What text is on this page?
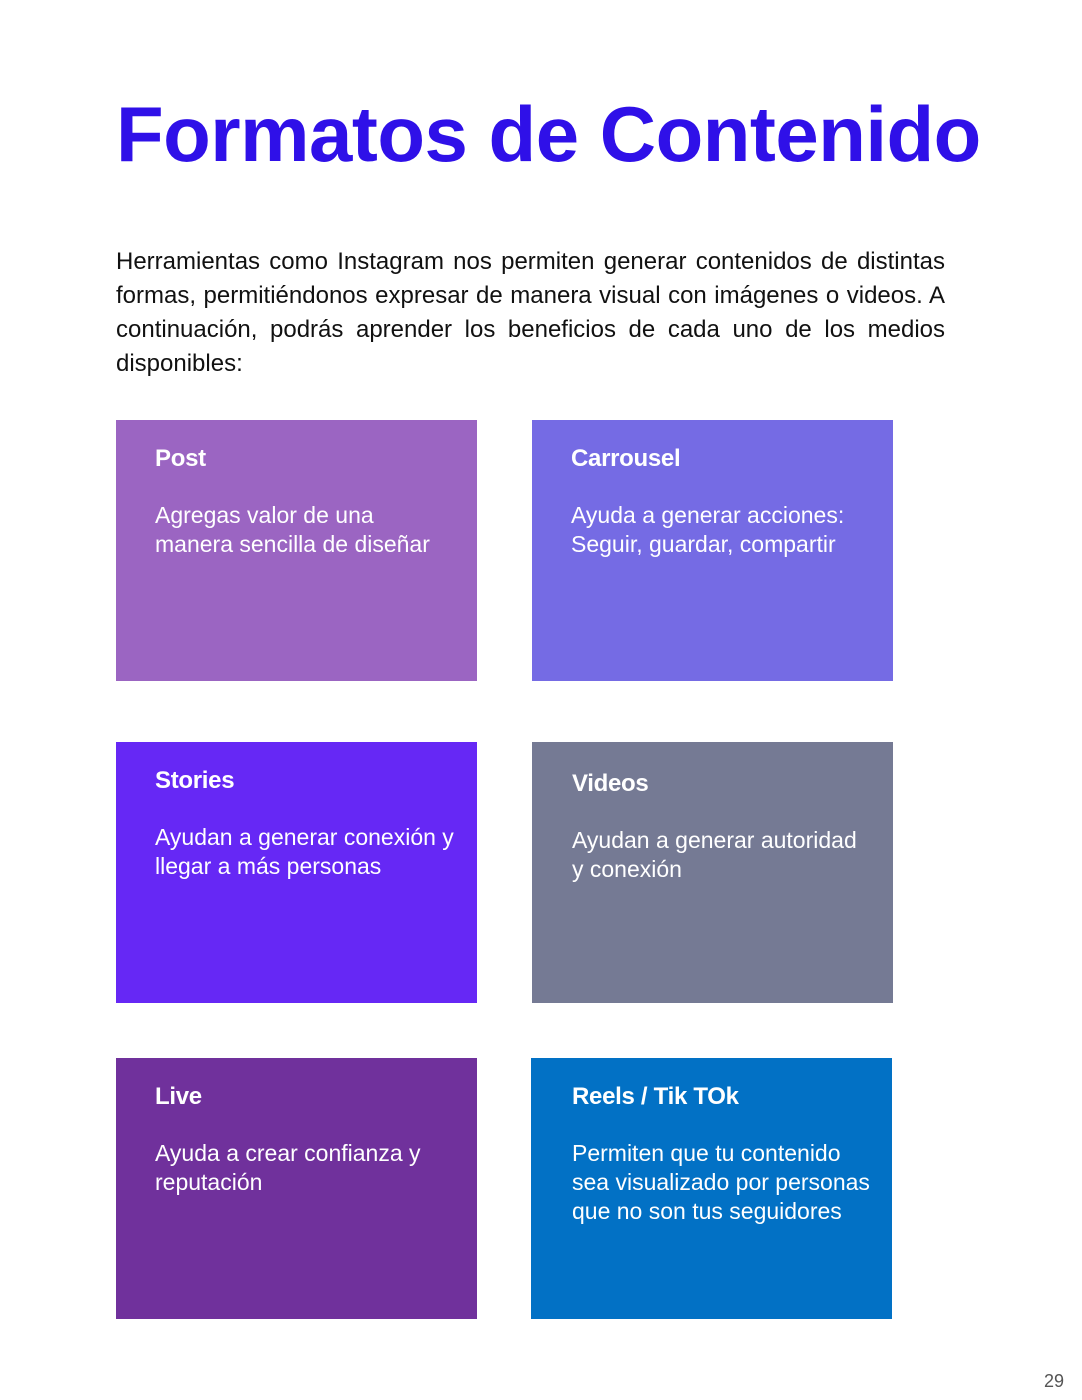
Formatos de Contenido

Herramientas como Instagram nos permiten generar contenidos de distintas formas, permitiéndonos expresar de manera visual con imágenes o videos. A continuación, podrás aprender los beneficios de cada uno de los medios disponibles:

Post
Agregas valor de una manera sencilla de diseñar
Carrousel
Ayuda a generar acciones: Seguir, guardar, compartir
Stories
Ayudan a generar conexión y llegar a más personas
Videos
Ayudan a generar autoridad y conexión
Live
Ayuda a crear confianza y reputación
Reels / Tik TOk
Permiten que tu contenido sea visualizado por personas que no son tus seguidores
29
